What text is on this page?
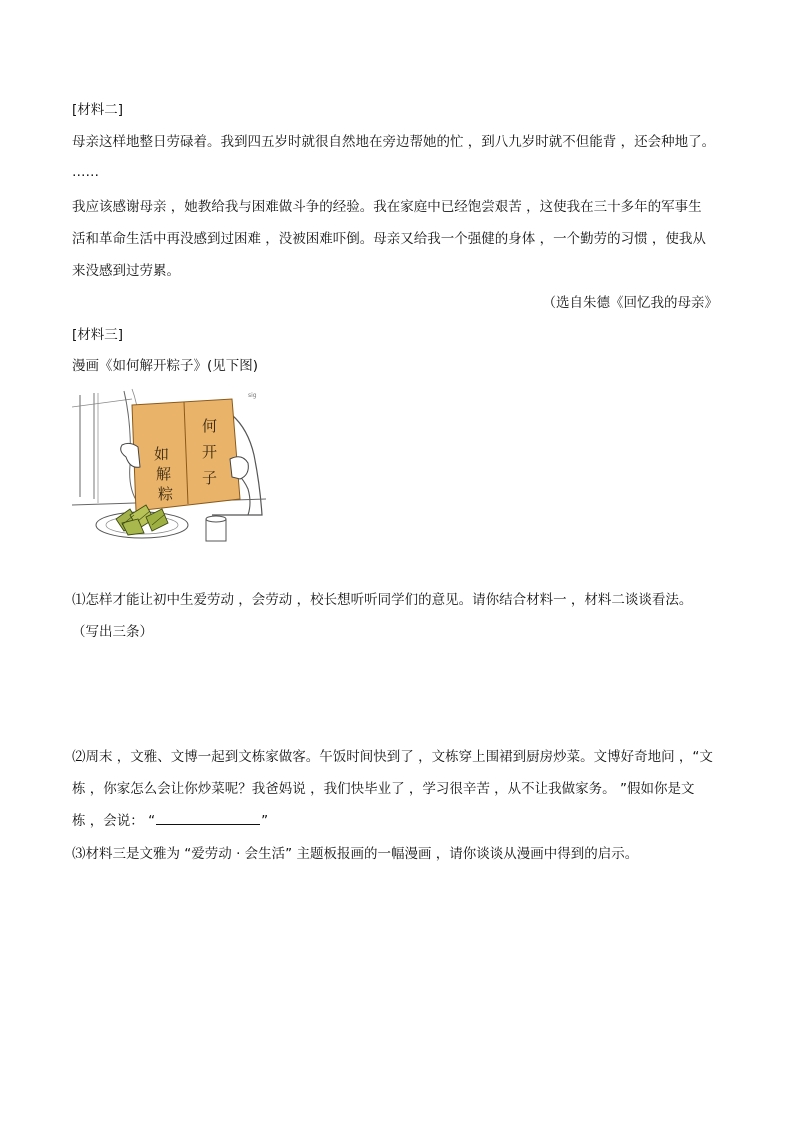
[材料二]
母亲这样地整日劳碌着。我到四五岁时就很自然地在旁边帮她的忙 ，到八九岁时就不但能背 ，还会种地了。
……
我应该感谢母亲 ，她教给我与困难做斗争的经验。我在家庭中已经饱尝艰苦 ，这使我在三十多年的军事生
活和革命生活中再没感到过困难 ，没被困难吓倒。母亲又给我一个强健的身体 ，一个勤劳的习惯 ，使我从
来没感到过劳累。
（选自朱德《回忆我的母亲》
[材料三]
漫画《如何解开粽子》(见下图)
何
如 开
解 子
粽
sig
⑴怎样才能让初中生爱劳动 ，会劳动 ，校长想听听同学们的意见。请你结合材料一 ，材料二谈谈看法。
（写出三条）
⑵周末 ，文雅、文博一起到文栋家做客。午饭时间快到了 ，文栋穿上围裙到厨房炒菜。文博好奇地问 ，“文
栋 ，你家怎么会让你炒菜呢？我爸妈说 ，我们快毕业了 ，学习很辛苦 ，从不让我做家务。 ”假如你是文
栋 ，会说： “	”
⑶材料三是文雅为 “爱劳动 · 会生活” 主题板报画的一幅漫画 ，请你谈谈从漫画中得到的启示。
